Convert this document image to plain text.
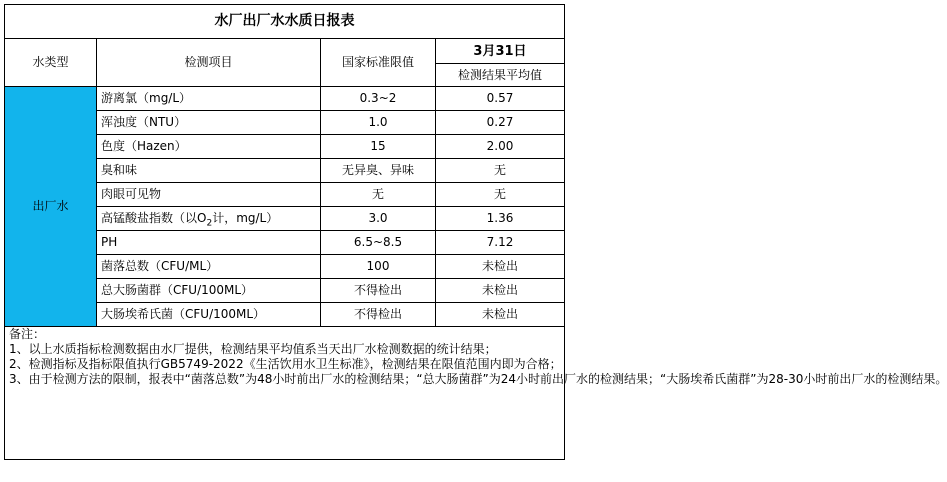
水厂出厂水水质日报表			
水类型	检测项目	国家标准限值	3月31日
			检测结果平均值
出厂水	游离氯（mg/L）	0.3~2	0.57
	浑浊度（NTU）	1.0	0.27
	色度（Hazen）	15	2.00
	臭和味	无异臭、异味	无
	肉眼可见物	无	无
	高锰酸盐指数（以$O_2$计，mg/L）	3.0	1.36
	PH	6.5~8.5	7.12
	菌落总数（CFU/ML）	100	未检出
	总大肠菌群（CFU/100ML）	不得检出	未检出
	大肠埃希氏菌（CFU/100ML）	不得检出	未检出

备注：

1、以上水质指标检测数据由水厂提供，检测结果平均值系当天出厂水检测数据的统计结果；

2、检测指标及指标限值执行GB5749-2022《生活饮用水卫生标准》，检测结果在限值范围内即为合格；

3、由于检测方法的限制，报表中“菌落总数”为48小时前出厂水的检测结果；“总大肠菌群”为24小时前出厂水的检测结果；“大肠埃希氏菌群”为28-30小时前出厂水的检测结果。			
